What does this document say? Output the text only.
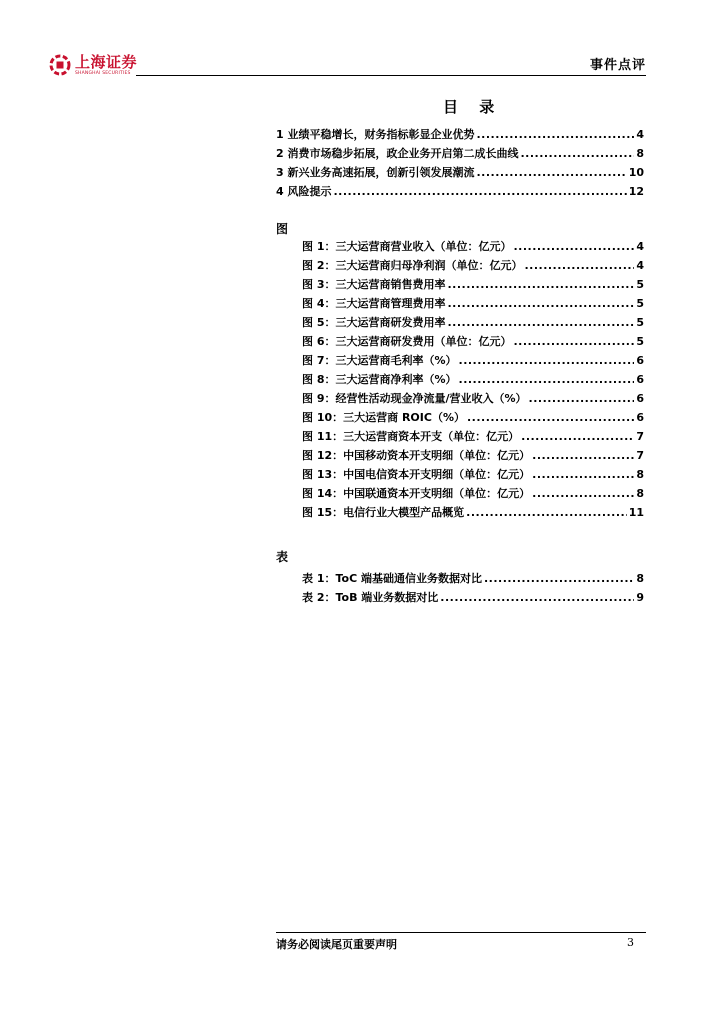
上海证券
SHANGHAI SECURITIES
事件点评
目 录
1 业绩平稳增长，财务指标彰显企业优势 .....	4
2 消费市场稳步拓展，政企业务开启第二成长曲线 .....	8
3 新兴业务高速拓展，创新引领发展潮流 .....	10
4 风险提示 .....	12
图 1：三大运营商营业收入（单位：亿元） .....	4
图 2：三大运营商归母净利润（单位：亿元） .....	4
图 3：三大运营商销售费用率 .....	5
图 4：三大运营商管理费用率 .....	5
图 5：三大运营商研发费用率 .....	5
图 6：三大运营商研发费用（单位：亿元） .....	5
图 7：三大运营商毛利率（%） .....	6
图 8：三大运营商净利率（%） .....	6
图 9：经营性活动现金净流量/营业收入（%） .....	6
图 10：三大运营商 ROIC（%） .....	6
图 11：三大运营商资本开支（单位：亿元） .....	7
图 12：中国移动资本开支明细（单位：亿元） .....	7
图 13：中国电信资本开支明细（单位：亿元） .....	8
图 14：中国联通资本开支明细（单位：亿元） .....	8
图 15：电信行业大模型产品概览 .....	11
表 1：ToC 端基础通信业务数据对比 .....	8
表 2：ToB 端业务数据对比 .....	9
图
表
请务必阅读尾页重要声明	3
